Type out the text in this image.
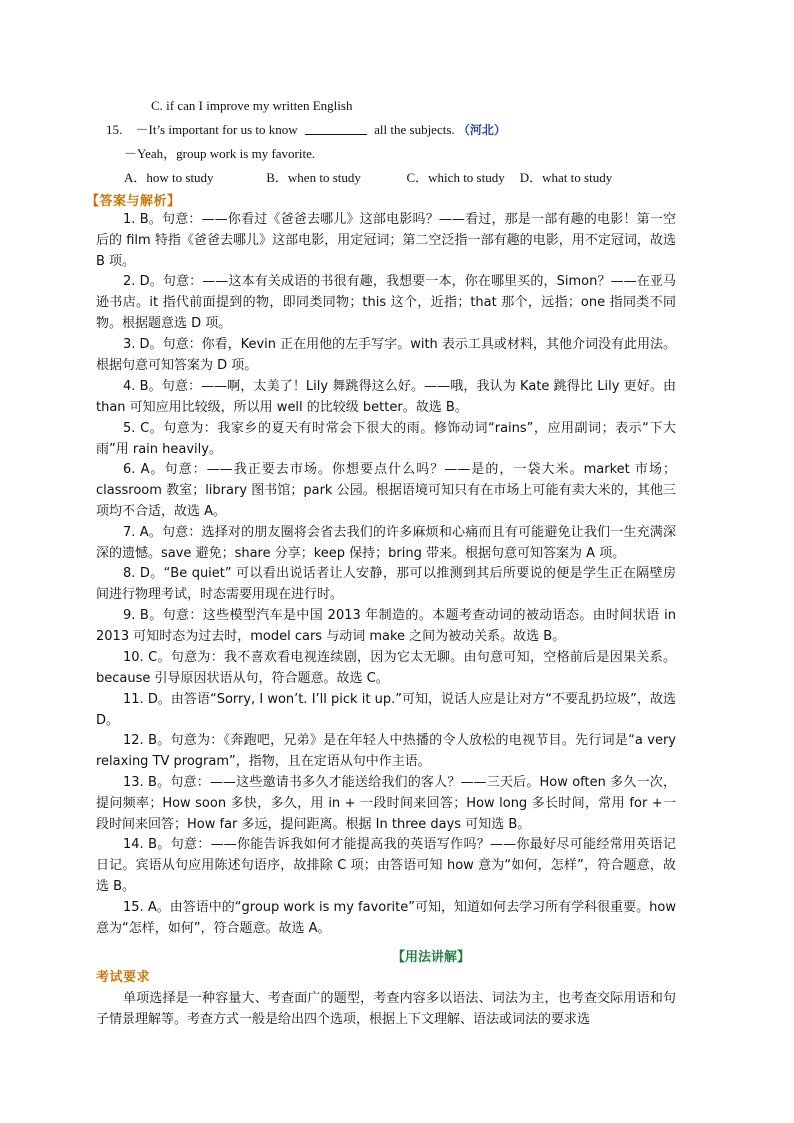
C. if can I improve my written English
15. －It’s important for us to know	all the subjects. （河北）
－Yeah，group work is my favorite.
A．how to study	B．when to study	C．which to study D．what to study
【答案与解析】
1. B。句意：——你看过《爸爸去哪儿》这部电影吗？——看过，那是一部有趣的电影！第一空后的 film 特指《爸爸去哪儿》这部电影，用定冠词；第二空泛指一部有趣的电影，用不定冠词，故选 B 项。
2. D。句意：——这本有关成语的书很有趣，我想要一本，你在哪里买的，Simon？——在亚马逊书店。it 指代前面提到的物，即同类同物；this 这个，近指；that 那个，远指；one 指同类不同物。根据题意选 D 项。
3. D。句意：你看，Kevin 正在用他的左手写字。with 表示工具或材料，其他介词没有此用法。根据句意可知答案为 D 项。
4. B。句意：——啊，太美了！Lily 舞跳得这么好。——哦，我认为 Kate 跳得比 Lily 更好。由 than 可知应用比较级，所以用 well 的比较级 better。故选 B。
5. C。句意为：我家乡的夏天有时常会下很大的雨。修饰动词“rains”，应用副词；表示“下大雨”用 rain heavily。
6. A。句意：——我正要去市场。你想要点什么吗？——是的，一袋大米。market 市场；classroom 教室；library 图书馆；park 公园。根据语境可知只有在市场上可能有卖大米的，其他三项均不合适，故选 A。
7. A。句意：选择对的朋友圈将会省去我们的许多麻烦和心痛而且有可能避免让我们一生充满深深的遗憾。save 避免；share 分享；keep 保持；bring 带来。根据句意可知答案为 A 项。
8. D。“Be quiet” 可以看出说话者让人安静，那可以推测到其后所要说的便是学生正在隔壁房间进行物理考试，时态需要用现在进行时。
9. B。句意：这些模型汽车是中国 2013 年制造的。本题考查动词的被动语态。由时间状语 in 2013 可知时态为过去时，model cars 与动词 make 之间为被动关系。故选 B。
10. C。句意为：我不喜欢看电视连续剧，因为它太无聊。由句意可知，空格前后是因果关系。because 引导原因状语从句，符合题意。故选 C。
11. D。由答语“Sorry, I won’t. I’ll pick it up.”可知，说话人应是让对方“不要乱扔垃圾”，故选 D。
12. B。句意为：《奔跑吧，兄弟》是在年轻人中热播的令人放松的电视节目。先行词是“a very relaxing TV program”，指物，且在定语从句中作主语。
13. B。句意：——这些邀请书多久才能送给我们的客人？——三天后。How often 多久一次，提问频率；How soon 多快，多久，用 in + 一段时间来回答；How long 多长时间，常用 for +一段时间来回答；How far 多远，提问距离。根据 In three days 可知选 B。
14. B。句意：——你能告诉我如何才能提高我的英语写作吗？——你最好尽可能经常用英语记日记。宾语从句应用陈述句语序，故排除 C 项；由答语可知 how 意为“如何，怎样”，符合题意，故选 B。
15. A。由答语中的“group work is my favorite”可知，知道如何去学习所有学科很重要。how 意为“怎样，如何”，符合题意。故选 A。
【用法讲解】
考试要求
单项选择是一种容量大、考查面广的题型，考查内容多以语法、词法为主，也考查交际用语和句子情景理解等。考查方式一般是给出四个选项，根据上下文理解、语法或词法的要求选
